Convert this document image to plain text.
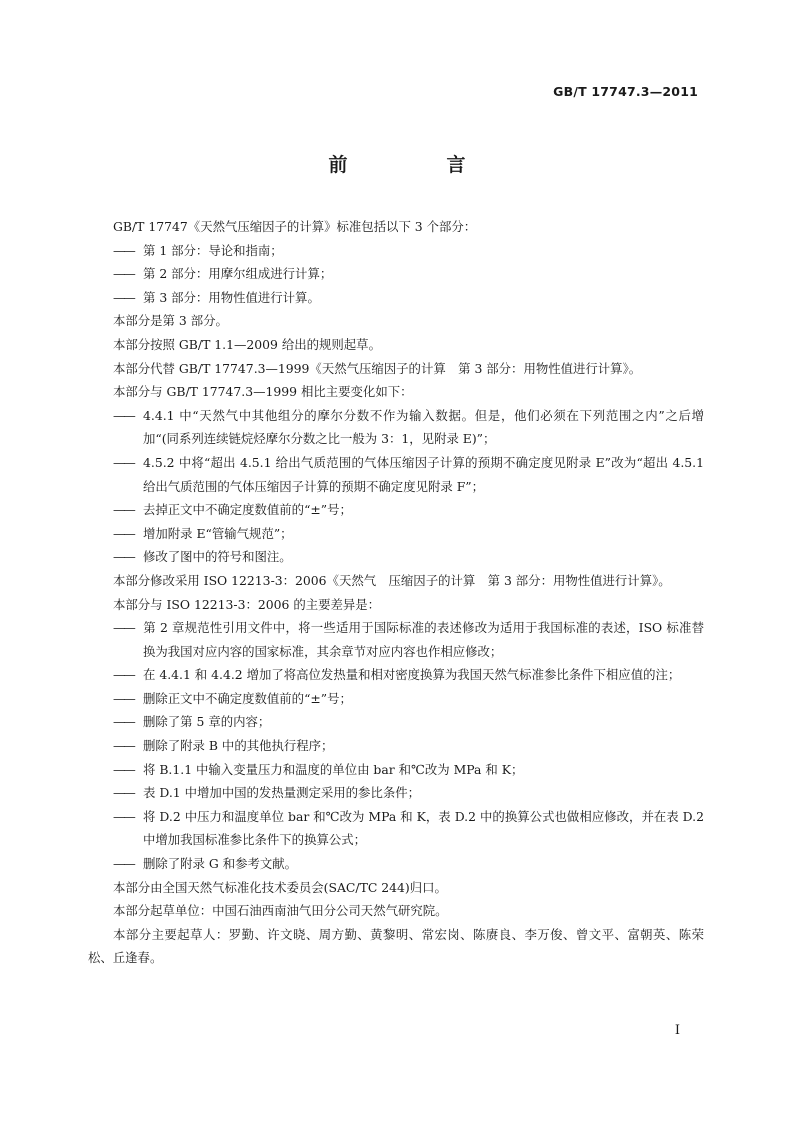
GB/T 17747.3—2011
前　言
GB/T 17747《天然气压缩因子的计算》标准包括以下 3 个部分：
—— 第 1 部分：导论和指南；
—— 第 2 部分：用摩尔组成进行计算；
—— 第 3 部分：用物性值进行计算。
本部分是第 3 部分。
本部分按照 GB/T 1.1—2009 给出的规则起草。
本部分代替 GB/T 17747.3—1999《天然气压缩因子的计算　第 3 部分：用物性值进行计算》。
本部分与 GB/T 17747.3—1999 相比主要变化如下：
—— 4.4.1 中“天然气中其他组分的摩尔分数不作为输入数据。但是，他们必须在下列范围之内”之后增加“(同系列连续链烷烃摩尔分数之比一般为 3：1，见附录 E)”；
—— 4.5.2 中将“超出 4.5.1 给出气质范围的气体压缩因子计算的预期不确定度见附录 E”改为“超出 4.5.1 给出气质范围的气体压缩因子计算的预期不确定度见附录 F”；
—— 去掉正文中不确定度数值前的“±”号；
—— 增加附录 E“管输气规范”；
—— 修改了图中的符号和图注。
本部分修改采用 ISO 12213-3：2006《天然气　压缩因子的计算　第 3 部分：用物性值进行计算》。
本部分与 ISO 12213-3：2006 的主要差异是：
—— 第 2 章规范性引用文件中，将一些适用于国际标准的表述修改为适用于我国标准的表述，ISO 标准替换为我国对应内容的国家标准，其余章节对应内容也作相应修改；
—— 在 4.4.1 和 4.4.2 增加了将高位发热量和相对密度换算为我国天然气标准参比条件下相应值的注；
—— 删除正文中不确定度数值前的“±”号；
—— 删除了第 5 章的内容；
—— 删除了附录 B 中的其他执行程序；
—— 将 B.1.1 中输入变量压力和温度的单位由 bar 和℃改为 MPa 和 K；
—— 表 D.1 中增加中国的发热量测定采用的参比条件；
—— 将 D.2 中压力和温度单位 bar 和℃改为 MPa 和 K，表 D.2 中的换算公式也做相应修改，并在表 D.2 中增加我国标准参比条件下的换算公式；
—— 删除了附录 G 和参考文献。
本部分由全国天然气标准化技术委员会(SAC/TC 244)归口。
本部分起草单位：中国石油西南油气田分公司天然气研究院。
本部分主要起草人：罗勤、许文晓、周方勤、黄黎明、常宏岗、陈赓良、李万俊、曾文平、富朝英、陈荣松、丘逢春。
I
